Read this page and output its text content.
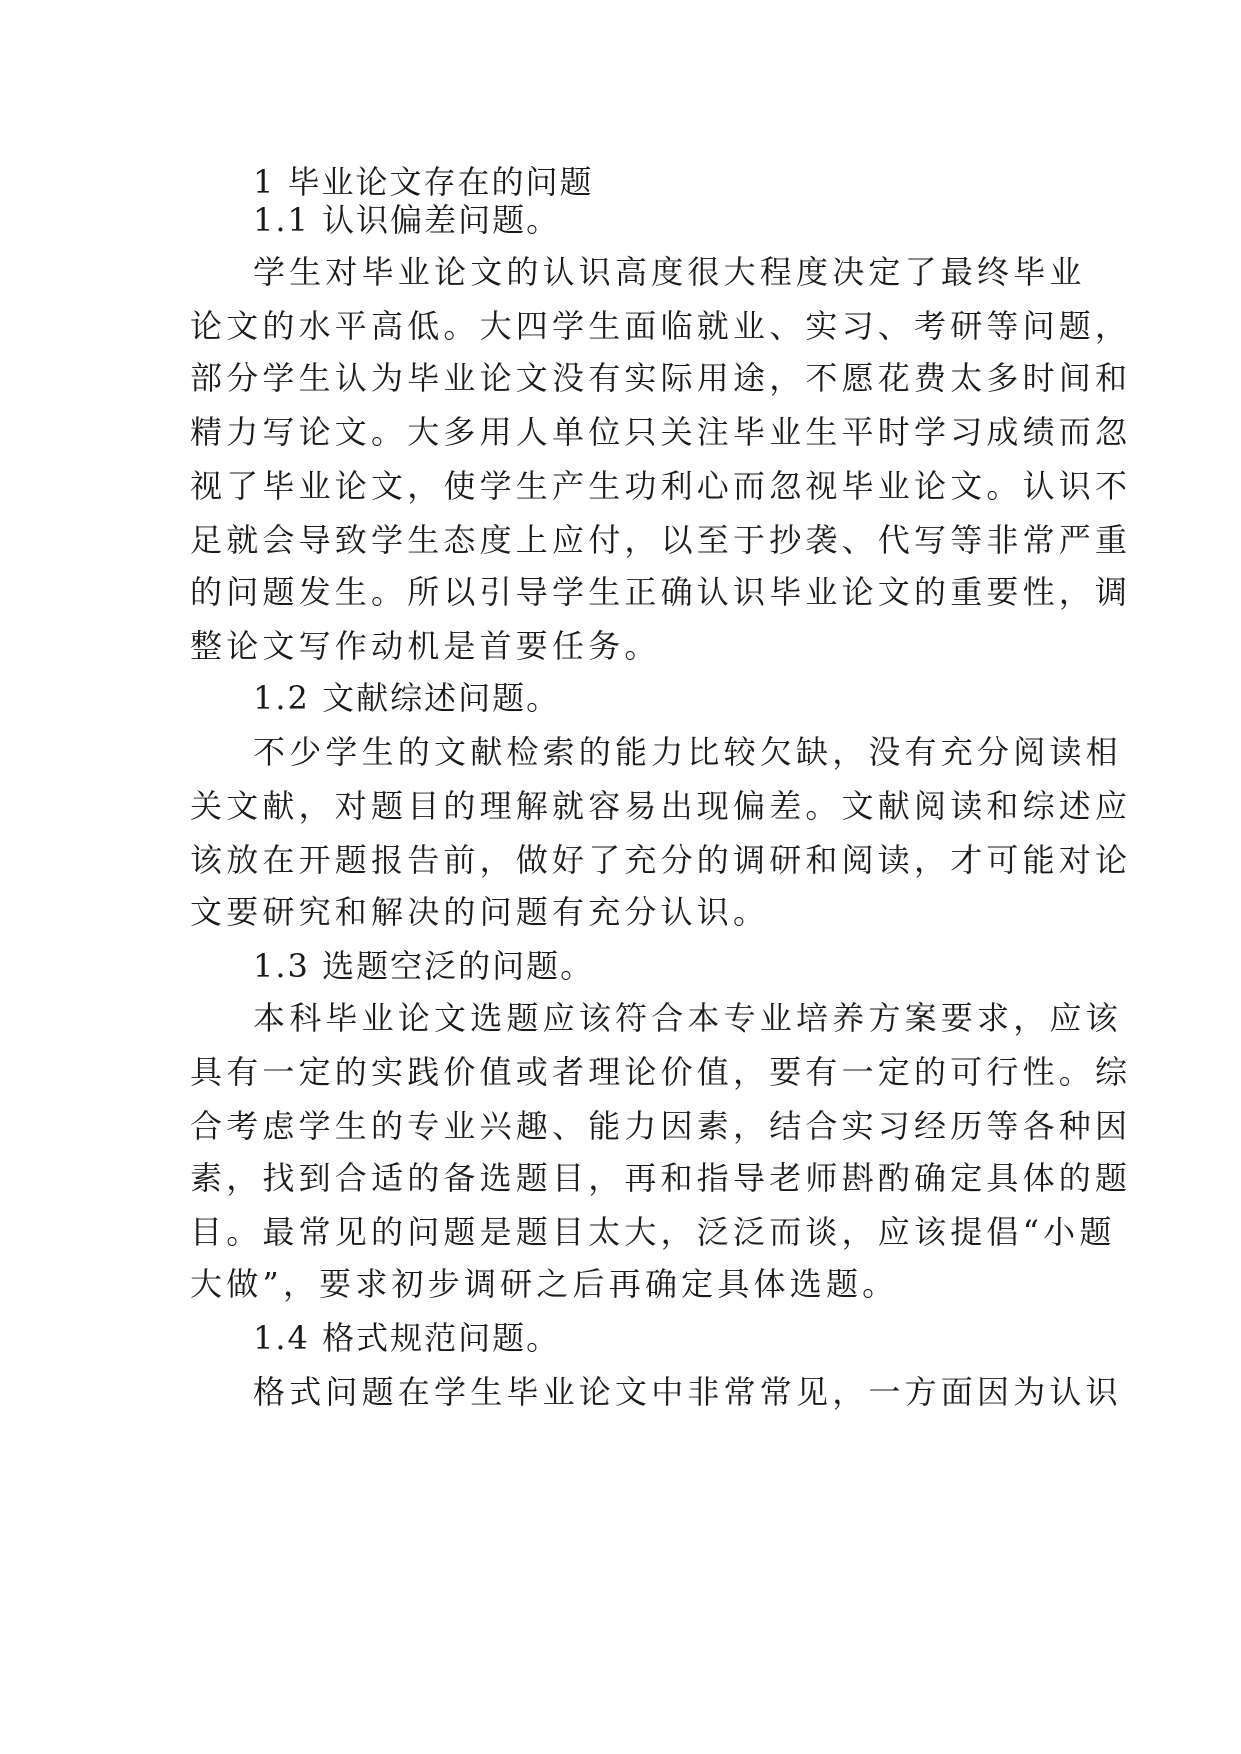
1 毕业论文存在的问题
1.1 认识偏差问题。
学生对毕业论文的认识高度很大程度决定了最终毕业
论文的水平高低。大四学生面临就业、实习、考研等问题，
部分学生认为毕业论文没有实际用途，不愿花费太多时间和
精力写论文。大多用人单位只关注毕业生平时学习成绩而忽
视了毕业论文，使学生产生功利心而忽视毕业论文。认识不
足就会导致学生态度上应付，以至于抄袭、代写等非常严重
的问题发生。所以引导学生正确认识毕业论文的重要性，调
整论文写作动机是首要任务。
1.2 文献综述问题。
不少学生的文献检索的能力比较欠缺，没有充分阅读相
关文献，对题目的理解就容易出现偏差。文献阅读和综述应
该放在开题报告前，做好了充分的调研和阅读，才可能对论
文要研究和解决的问题有充分认识。
1.3 选题空泛的问题。
本科毕业论文选题应该符合本专业培养方案要求，应该
具有一定的实践价值或者理论价值，要有一定的可行性。综
合考虑学生的专业兴趣、能力因素，结合实习经历等各种因
素，找到合适的备选题目，再和指导老师斟酌确定具体的题
目。最常见的问题是题目太大，泛泛而谈，应该提倡“小题
大做”，要求初步调研之后再确定具体选题。
1.4 格式规范问题。
格式问题在学生毕业论文中非常常见，一方面因为认识
